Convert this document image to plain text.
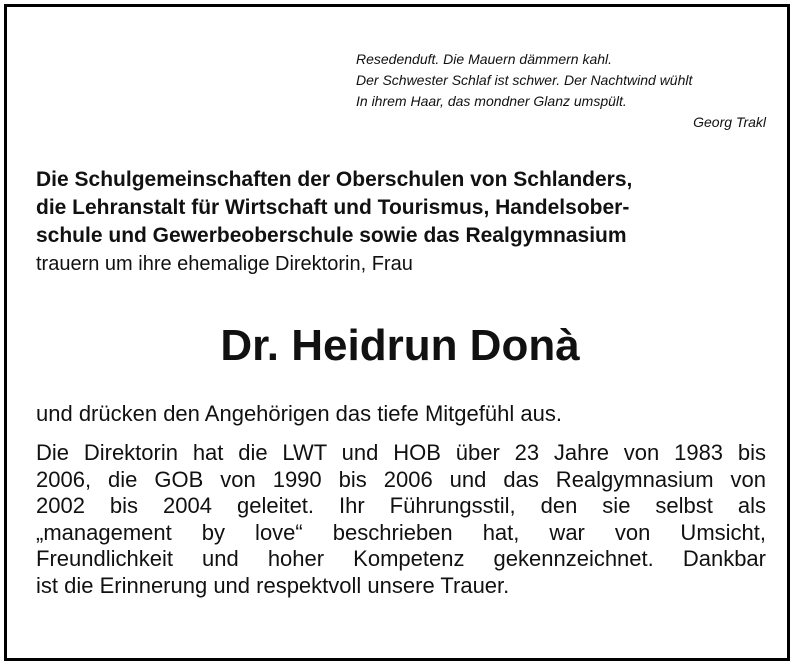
Resedenduft. Die Mauern dämmern kahl.
Der Schwester Schlaf ist schwer. Der Nachtwind wühlt
In ihrem Haar, das mondner Glanz umspült.
Georg Trakl
Die Schulgemeinschaften der Oberschulen von Schlanders,
die Lehranstalt für Wirtschaft und Tourismus, Handelsober-
schule und Gewerbeoberschule sowie das Realgymnasium
trauern um ihre ehemalige Direktorin, Frau
Dr. Heidrun Donà
und drücken den Angehörigen das tiefe Mitgefühl aus.
Die Direktorin hat die LWT und HOB über 23 Jahre von 1983 bis
2006, die GOB von 1990 bis 2006 und das Realgymnasium von
2002 bis 2004 geleitet. Ihr Führungsstil, den sie selbst als
„management by love“ beschrieben hat, war von Umsicht,
Freundlichkeit und hoher Kompetenz gekennzeichnet. Dankbar
ist die Erinnerung und respektvoll unsere Trauer.
